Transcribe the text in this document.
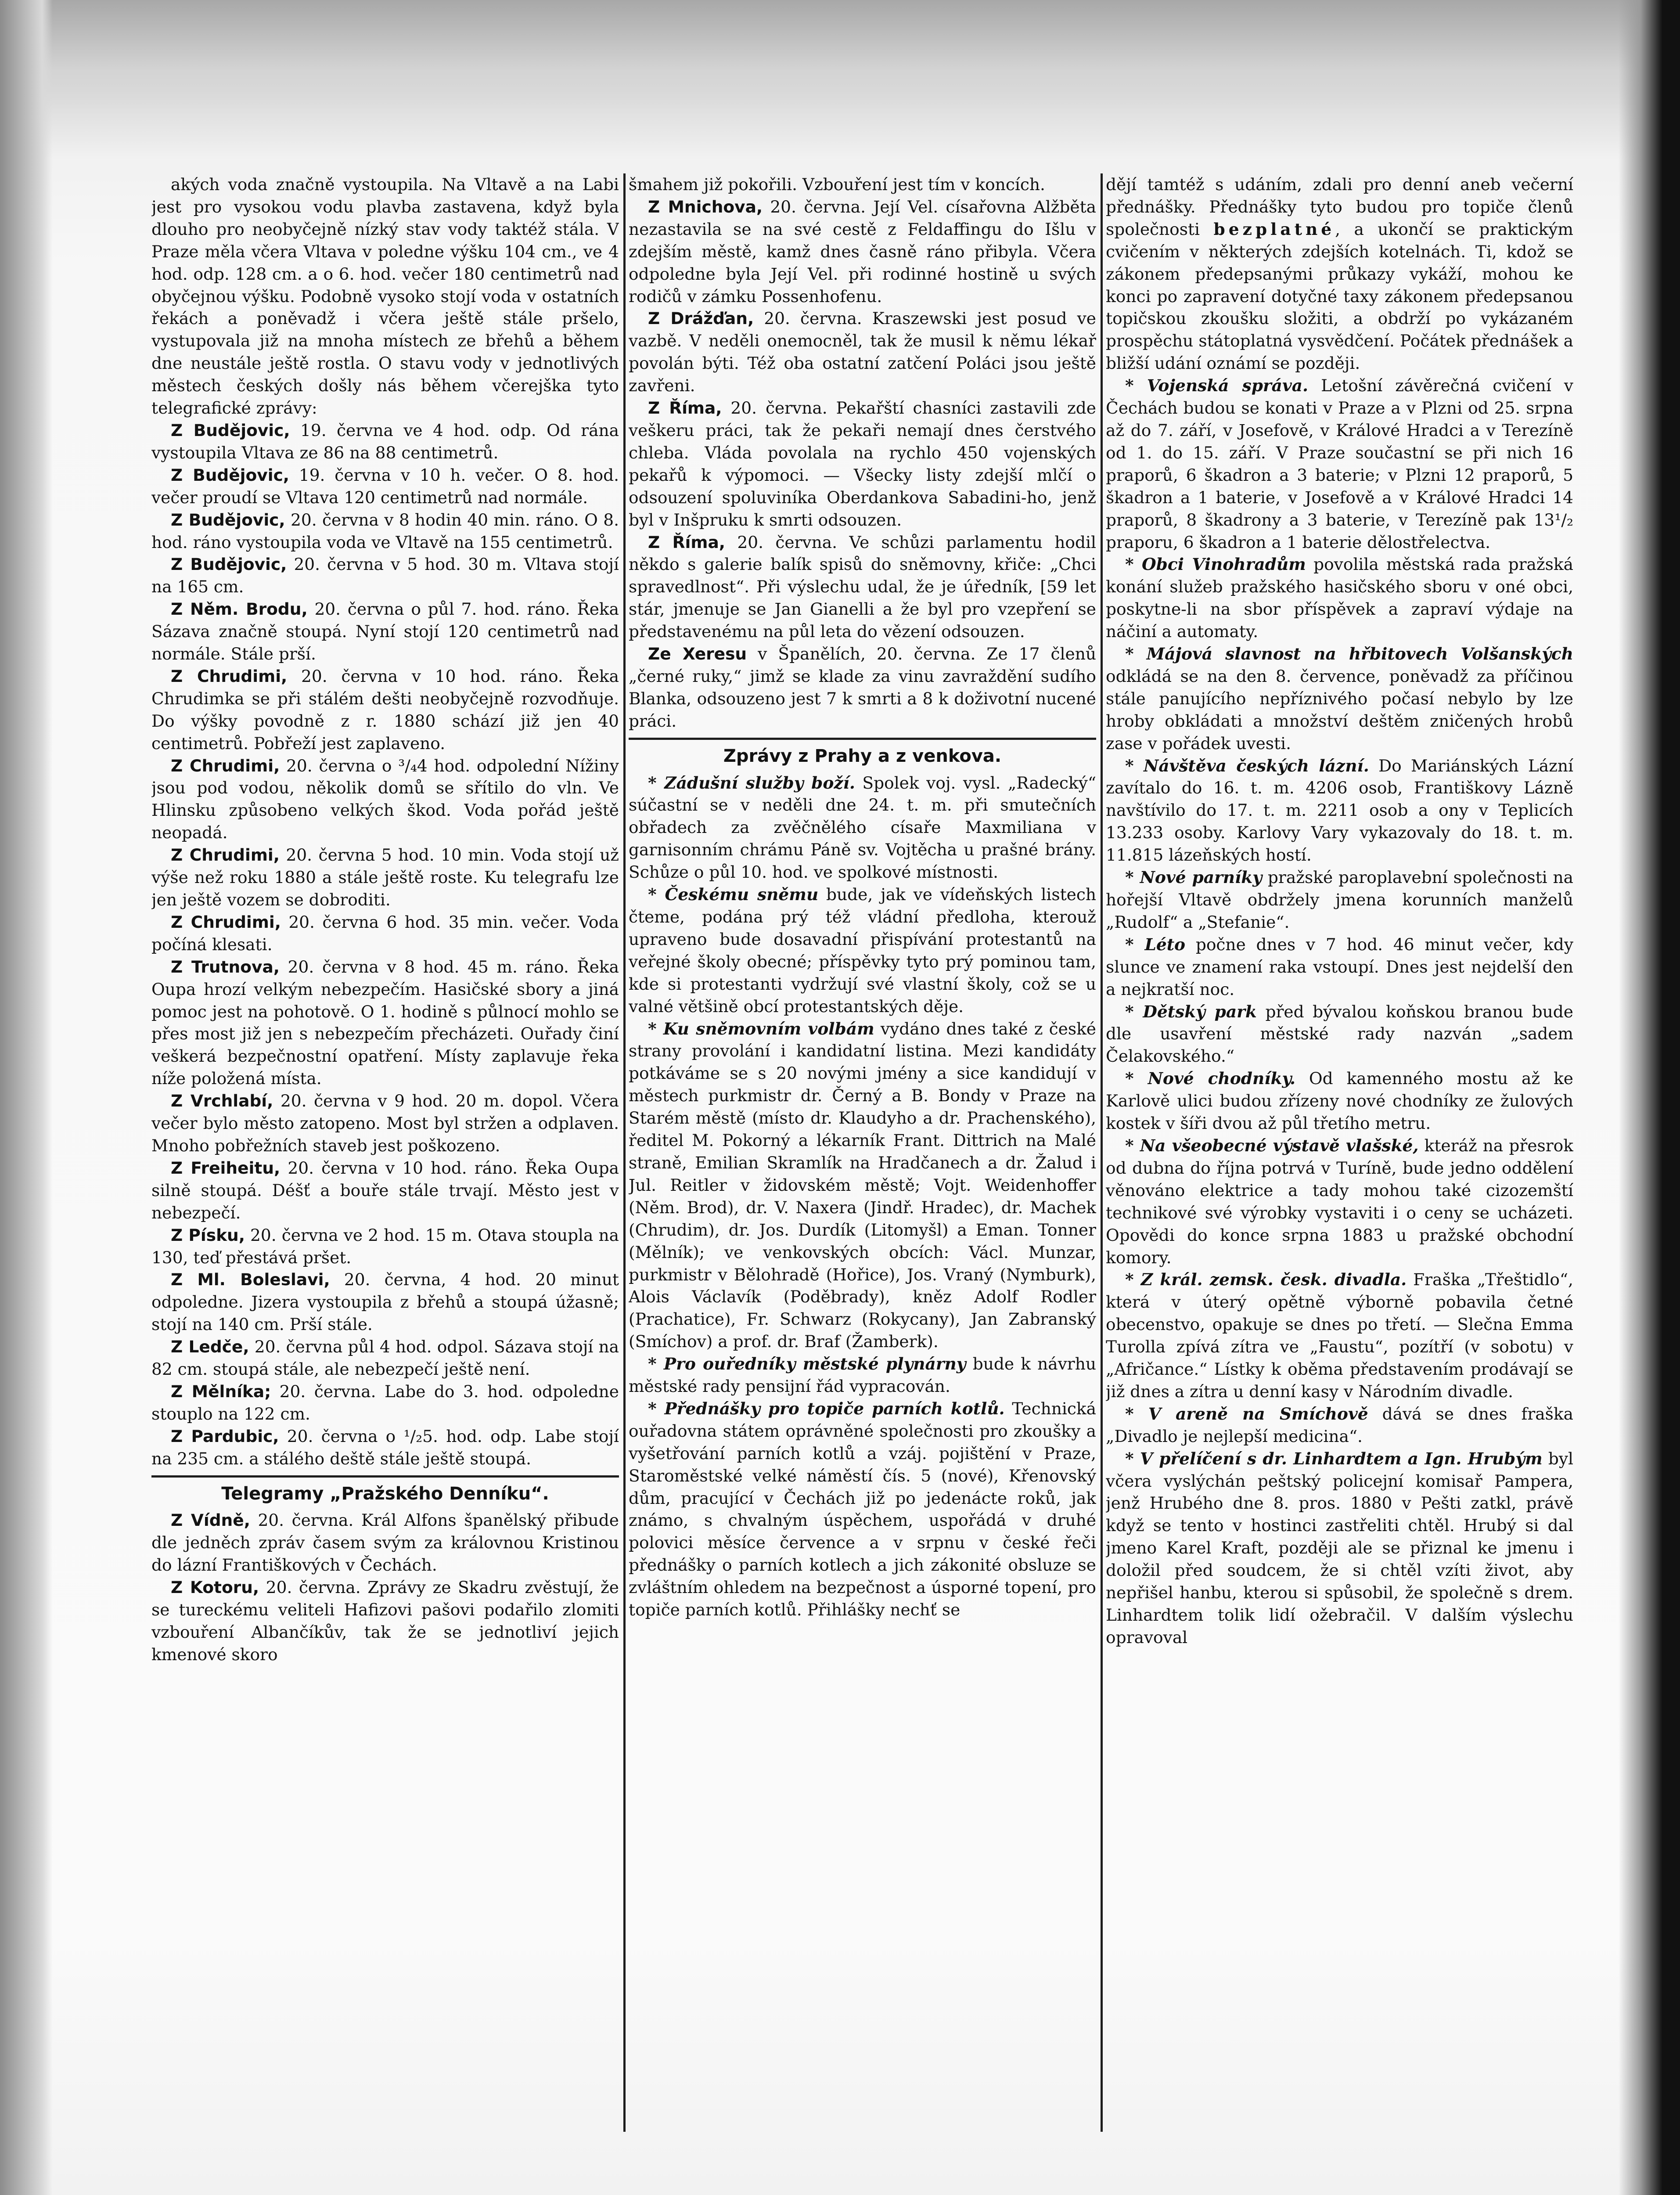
akých voda značně vystoupila. Na Vltavě a na Labi jest pro vysokou vodu plavba zastavena, když byla dlouho pro neobyčejně nízký stav vody taktéž stála. V Praze měla včera Vltava v poledne výšku 104 cm., ve 4 hod. odp. 128 cm. a o 6. hod. večer 180 centimetrů nad obyčejnou výšku. Podobně vysoko stojí voda v ostatních řekách a poněvadž i včera ještě stále pršelo, vystupovala již na mnoha místech ze břehů a během dne neustále ještě rostla. O stavu vody v jednotlivých městech českých došly nás během včerejška tyto telegrafické zprávy:

Z Budějovic, 19. června ve 4 hod. odp. Od rána vystoupila Vltava ze 86 na 88 centimetrů.

Z Budějovic, 19. června v 10 h. večer. O 8. hod. večer proudí se Vltava 120 centimetrů nad normále.

Z Budějovic, 20. června v 8 hodin 40 min. ráno. O 8. hod. ráno vystoupila voda ve Vltavě na 155 centimetrů.

Z Budějovic, 20. června v 5 hod. 30 m. Vltava stojí na 165 cm.

Z Něm. Brodu, 20. června o půl 7. hod. ráno. Řeka Sázava značně stoupá. Nyní stojí 120 centimetrů nad normále. Stále prší.

Z Chrudimi, 20. června v 10 hod. ráno. Řeka Chrudimka se při stálém dešti neobyčejně rozvodňuje. Do výšky povodně z r. 1880 schází již jen 40 centimetrů. Pobřeží jest zaplaveno.

Z Chrudimi, 20. června o ³/₄4 hod. odpolední Nížiny jsou pod vodou, několik domů se sřítilo do vln. Ve Hlinsku způsobeno velkých škod. Voda pořád ještě neopadá.

Z Chrudimi, 20. června 5 hod. 10 min. Voda stojí už výše než roku 1880 a stále ještě roste. Ku telegrafu lze jen ještě vozem se dobroditi.

Z Chrudimi, 20. června 6 hod. 35 min. večer. Voda počíná klesati.

Z Trutnova, 20. června v 8 hod. 45 m. ráno. Řeka Oupa hrozí velkým nebezpečím. Hasičské sbory a jiná pomoc jest na pohotově. O 1. hodině s půlnocí mohlo se přes most již jen s nebezpečím přecházeti. Ouřady činí veškerá bezpečnostní opatření. Místy zaplavuje řeka níže položená místa.

Z Vrchlabí, 20. června v 9 hod. 20 m. dopol. Včera večer bylo město zatopeno. Most byl stržen a odplaven. Mnoho pobřežních staveb jest poškozeno.

Z Freiheitu, 20. června v 10 hod. ráno. Řeka Oupa silně stoupá. Déšť a bouře stále trvají. Město jest v nebezpečí.

Z Písku, 20. června ve 2 hod. 15 m. Otava stoupla na 130, teď přestává pršet.

Z Ml. Boleslavi, 20. června, 4 hod. 20 minut odpoledne. Jizera vystoupila z břehů a stoupá úžasně; stojí na 140 cm. Prší stále.

Z Ledče, 20. června půl 4 hod. odpol. Sázava stojí na 82 cm. stoupá stále, ale nebezpečí ještě není.

Z Mělníka; 20. června. Labe do 3. hod. odpoledne stouplo na 122 cm.

Z Pardubic, 20. června o ¹/₂5. hod. odp. Labe stojí na 235 cm. a stálého deště stále ještě stoupá.

Telegramy „Pražského Denníku“.

Z Vídně, 20. června. Král Alfons španělský přibude dle jedněch zpráv časem svým za královnou Kristinou do lázní Františkových v Čechách.

Z Kotoru, 20. června. Zprávy ze Skadru zvěstují, že se tureckému veliteli Hafizovi pašovi podařilo zlomiti vzbouření Albančíkův, tak že se jednotliví jejich kmenové skoro

šmahem již pokořili. Vzbouření jest tím v koncích.

Z Mnichova, 20. června. Její Vel. císařovna Alžběta nezastavila se na své cestě z Feldaffingu do Išlu v zdejším městě, kamž dnes časně ráno přibyla. Včera odpoledne byla Její Vel. při rodinné hostině u svých rodičů v zámku Possenhofenu.

Z Drážďan, 20. června. Kraszewski jest posud ve vazbě. V neděli onemocněl, tak že musil k němu lékař povolán býti. Též oba ostatní zatčení Poláci jsou ještě zavřeni.

Z Říma, 20. června. Pekařští chasníci zastavili zde veškeru práci, tak že pekaři nemají dnes čerstvého chleba. Vláda povolala na rychlo 450 vojenských pekařů k výpomoci. — Všecky listy zdejší mlčí o odsouzení spoluviníka Oberdankova Sabadini-ho, jenž byl v Inšpruku k smrti odsouzen.

Z Říma, 20. června. Ve schůzi parlamentu hodil někdo s galerie balík spisů do sněmovny, křiče: „Chci spravedlnost“. Při výslechu udal, že je úředník, [59 let stár, jmenuje se Jan Gianelli a že byl pro vzepření se představenému na půl leta do vězení odsouzen.

Ze Xeresu v Španělích, 20. června. Ze 17 členů „černé ruky,“ jimž se klade za vinu zavraždění sudího Blanka, odsouzeno jest 7 k smrti a 8 k doživotní nucené práci.

Zprávy z Prahy a z venkova.

* Zádušní služby boží. Spolek voj. vysl. „Radecký“ súčastní se v neděli dne 24. t. m. při smutečních obřadech za zvěčnělého císaře Maxmiliana v garnisonním chrámu Páně sv. Vojtěcha u prašné brány. Schůze o půl 10. hod. ve spolkové místnosti.

* Českému sněmu bude, jak ve vídeňských listech čteme, podána prý též vládní předloha, kterouž upraveno bude dosavadní přispívání protestantů na veřejné školy obecné; příspěvky tyto prý pominou tam, kde si protestanti vydržují své vlastní školy, což se u valné většině obcí protestantských děje.

* Ku sněmovním volbám vydáno dnes také z české strany provolání i kandidatní listina. Mezi kandidáty potkáváme se s 20 novými jmény a sice kandidují v městech purkmistr dr. Černý a B. Bondy v Praze na Starém městě (místo dr. Klaudyho a dr. Prachenského), ředitel M. Pokorný a lékarník Frant. Dittrich na Malé straně, Emilian Skramlík na Hradčanech a dr. Žalud i Jul. Reitler v židovském městě; Vojt. Weidenhoffer (Něm. Brod), dr. V. Naxera (Jindř. Hradec), dr. Machek (Chrudim), dr. Jos. Durdík (Litomyšl) a Eman. Tonner (Mělník); ve venkovských obcích: Václ. Munzar, purkmistr v Bělohradě (Hořice), Jos. Vraný (Nymburk), Alois Václavík (Poděbrady), kněz Adolf Rodler (Prachatice), Fr. Schwarz (Rokycany), Jan Zabranský (Smíchov) a prof. dr. Braf (Žamberk).

* Pro ouředníky městské plynárny bude k návrhu městské rady pensijní řád vypracován.

* Přednášky pro topiče parních kotlů. Technická ouřadovna státem oprávněné společnosti pro zkoušky a vyšetřování parních kotlů a vzáj. pojištění v Praze, Staroměstské velké náměstí čís. 5 (nové), Křenovský dům, pracující v Čechách již po jedenácte roků, jak známo, s chvalným úspěchem, uspořádá v druhé polovici měsíce července a v srpnu v české řeči přednášky o parních kotlech a jich zákonité obsluze se zvláštním ohledem na bezpečnost a úsporné topení, pro topiče parních kotlů. Přihlášky nechť se

dějí tamtéž s udáním, zdali pro denní aneb večerní přednášky. Přednášky tyto budou pro topiče členů společnosti bezplatné, a ukončí se praktickým cvičením v některých zdejších kotelnách. Ti, kdož se zákonem předepsanými průkazy vykáží, mohou ke konci po zapravení dotyčné taxy zákonem předepsanou topičskou zkoušku složiti, a obdrží po vykázaném prospěchu státoplatná vysvědčení. Počátek přednášek a bližší udání oznámí se později.

* Vojenská správa. Letošní závěrečná cvičení v Čechách budou se konati v Praze a v Plzni od 25. srpna až do 7. září, v Josefově, v Králové Hradci a v Terezíně od 1. do 15. září. V Praze součastní se při nich 16 praporů, 6 škadron a 3 baterie; v Plzni 12 praporů, 5 škadron a 1 baterie, v Josefově a v Králové Hradci 14 praporů, 8 škadrony a 3 baterie, v Terezíně pak 13¹/₂ praporu, 6 škadron a 1 baterie dělostřelectva.

* Obci Vinohradům povolila městská rada pražská konání služeb pražského hasičského sboru v oné obci, poskytne-li na sbor příspěvek a zapraví výdaje na náčiní a automaty.

* Májová slavnost na hřbitovech Volšanských odkládá se na den 8. července, poněvadž za příčinou stále panujícího nepříznivého počasí nebylo by lze hroby obkládati a množství deštěm zničených hrobů zase v pořádek uvesti.

* Návštěva českých lázní. Do Mariánských Lázní zavítalo do 16. t. m. 4206 osob, Františkovy Lázně navštívilo do 17. t. m. 2211 osob a ony v Teplicích 13.233 osoby. Karlovy Vary vykazovaly do 18. t. m. 11.815 lázeňských hostí.

* Nové parníky pražské paroplavební společnosti na hořejší Vltavě obdržely jmena korunních manželů „Rudolf“ a „Stefanie“.

* Léto počne dnes v 7 hod. 46 minut večer, kdy slunce ve znamení raka vstoupí. Dnes jest nejdelší den a nejkratší noc.

* Dětský park před bývalou koňskou branou bude dle usavření městské rady nazván „sadem Čelakovského.“

* Nové chodníky. Od kamenného mostu až ke Karlově ulici budou zřízeny nové chodníky ze žulových kostek v šíři dvou až půl třetího metru.

* Na všeobecné výstavě vlašské, kteráž na přesrok od dubna do října potrvá v Turíně, bude jedno oddělení věnováno elektrice a tady mohou také cizozemští technikové své výrobky vystaviti i o ceny se ucházeti. Opovědi do konce srpna 1883 u pražské obchodní komory.

* Z král. zemsk. česk. divadla. Fraška „Třeštidlo“, která v úterý opětně výborně pobavila četné obecenstvo, opakuje se dnes po třetí. — Slečna Emma Turolla zpívá zítra ve „Faustu“, pozítří (v sobotu) v „Afričance.“ Lístky k oběma představením prodávají se již dnes a zítra u denní kasy v Národním divadle.

* V areně na Smíchově dává se dnes fraška „Divadlo je nejlepší medicina“.

* V přelíčení s dr. Linhardtem a Ign. Hrubým byl včera vyslýchán peštský policejní komisař Pampera, jenž Hrubého dne 8. pros. 1880 v Pešti zatkl, právě když se tento v hostinci zastřeliti chtěl. Hrubý si dal jmeno Karel Kraft, později ale se přiznal ke jmenu i doložil před soudcem, že si chtěl vzíti život, aby nepřišel hanbu, kterou si spůsobil, že společně s drem. Linhardtem tolik lidí ožebračil. V dalším výslechu opravoval
